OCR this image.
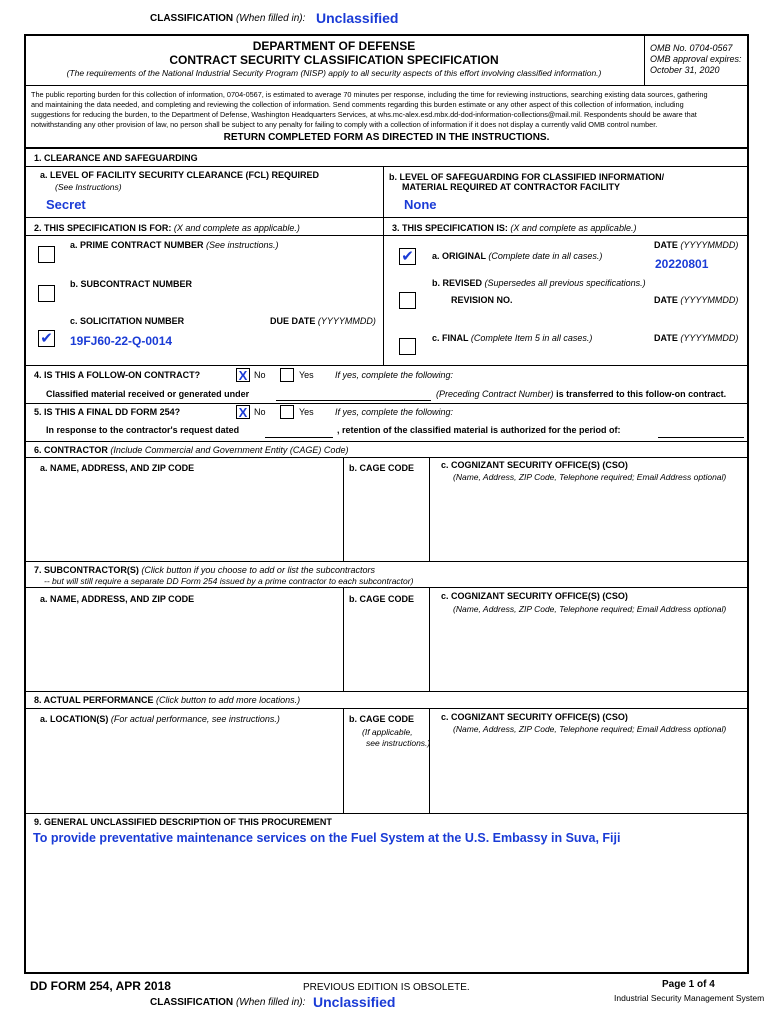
CLASSIFICATION (When filled in): Unclassified
DEPARTMENT OF DEFENSE
CONTRACT SECURITY CLASSIFICATION SPECIFICATION
(The requirements of the National Industrial Security Program (NISP) apply to all security aspects of this effort involving classified information.)
OMB No. 0704-0567
OMB approval expires:
October 31, 2020
The public reporting burden for this collection of information, 0704-0567, is estimated to average 70 minutes per response, including the time for reviewing instructions, searching existing data sources, gathering
and maintaining the data needed, and completing and reviewing the collection of information. Send comments regarding this burden estimate or any other aspect of this collection of information, including
suggestions for reducing the burden, to the Department of Defense, Washington Headquarters Services, at whs.mc-alex.esd.mbx.dd-dod-information-collections@mail.mil. Respondents should be aware that
notwithstanding any other provision of law, no person shall be subject to any penalty for failing to comply with a collection of information if it does not display a currently valid OMB control number.
RETURN COMPLETED FORM AS DIRECTED IN THE INSTRUCTIONS.
1. CLEARANCE AND SAFEGUARDING
a. LEVEL OF FACILITY SECURITY CLEARANCE (FCL) REQUIRED
(See Instructions)
Secret
b. LEVEL OF SAFEGUARDING FOR CLASSIFIED INFORMATION/
MATERIAL REQUIRED AT CONTRACTOR FACILITY
None
2. THIS SPECIFICATION IS FOR: (X and complete as applicable.)
a. PRIME CONTRACT NUMBER (See instructions.)
b. SUBCONTRACT NUMBER
c. SOLICITATION NUMBER	DUE DATE (YYYYMMDD)
✔ 19FJ60-22-Q-0014
3. THIS SPECIFICATION IS: (X and complete as applicable.)
DATE (YYYYMMDD)
✔ a. ORIGINAL (Complete date in all cases.)
20220801
b. REVISED (Supersedes all previous specifications.)
REVISION NO.	DATE (YYYYMMDD)
c. FINAL (Complete Item 5 in all cases.)	DATE (YYYYMMDD)
4. IS THIS A FOLLOW-ON CONTRACT?	X No	Yes If yes, complete the following:
Classified material received or generated under	(Preceding Contract Number) is transferred to this follow-on contract.
5. IS THIS A FINAL DD FORM 254?	X No	Yes If yes, complete the following:
In response to the contractor's request dated	, retention of the classified material is authorized for the period of:
6. CONTRACTOR (Include Commercial and Government Entity (CAGE) Code)
a. NAME, ADDRESS, AND ZIP CODE	b. CAGE CODE	c. COGNIZANT SECURITY OFFICE(S) (CSO)
(Name, Address, ZIP Code, Telephone required; Email Address optional)
7. SUBCONTRACTOR(S) (Click button if you choose to add or list the subcontractors
-- but will still require a separate DD Form 254 issued by a prime contractor to each subcontractor)
a. NAME, ADDRESS, AND ZIP CODE	b. CAGE CODE	c. COGNIZANT SECURITY OFFICE(S) (CSO)
(Name, Address, ZIP Code, Telephone required; Email Address optional)
8. ACTUAL PERFORMANCE (Click button to add more locations.)
a. LOCATION(S) (For actual performance, see instructions.)	b. CAGE CODE
(If applicable,
see instructions.)
c. COGNIZANT SECURITY OFFICE(S) (CSO)
(Name, Address, ZIP Code, Telephone required; Email Address optional)
9. GENERAL UNCLASSIFIED DESCRIPTION OF THIS PROCUREMENT
To provide preventative maintenance services on the Fuel System at the U.S. Embassy in Suva, Fiji
DD FORM 254, APR 2018	PREVIOUS EDITION IS OBSOLETE.	Page 1 of 4
Industrial Security Management System
CLASSIFICATION (When filled in): Unclassified
